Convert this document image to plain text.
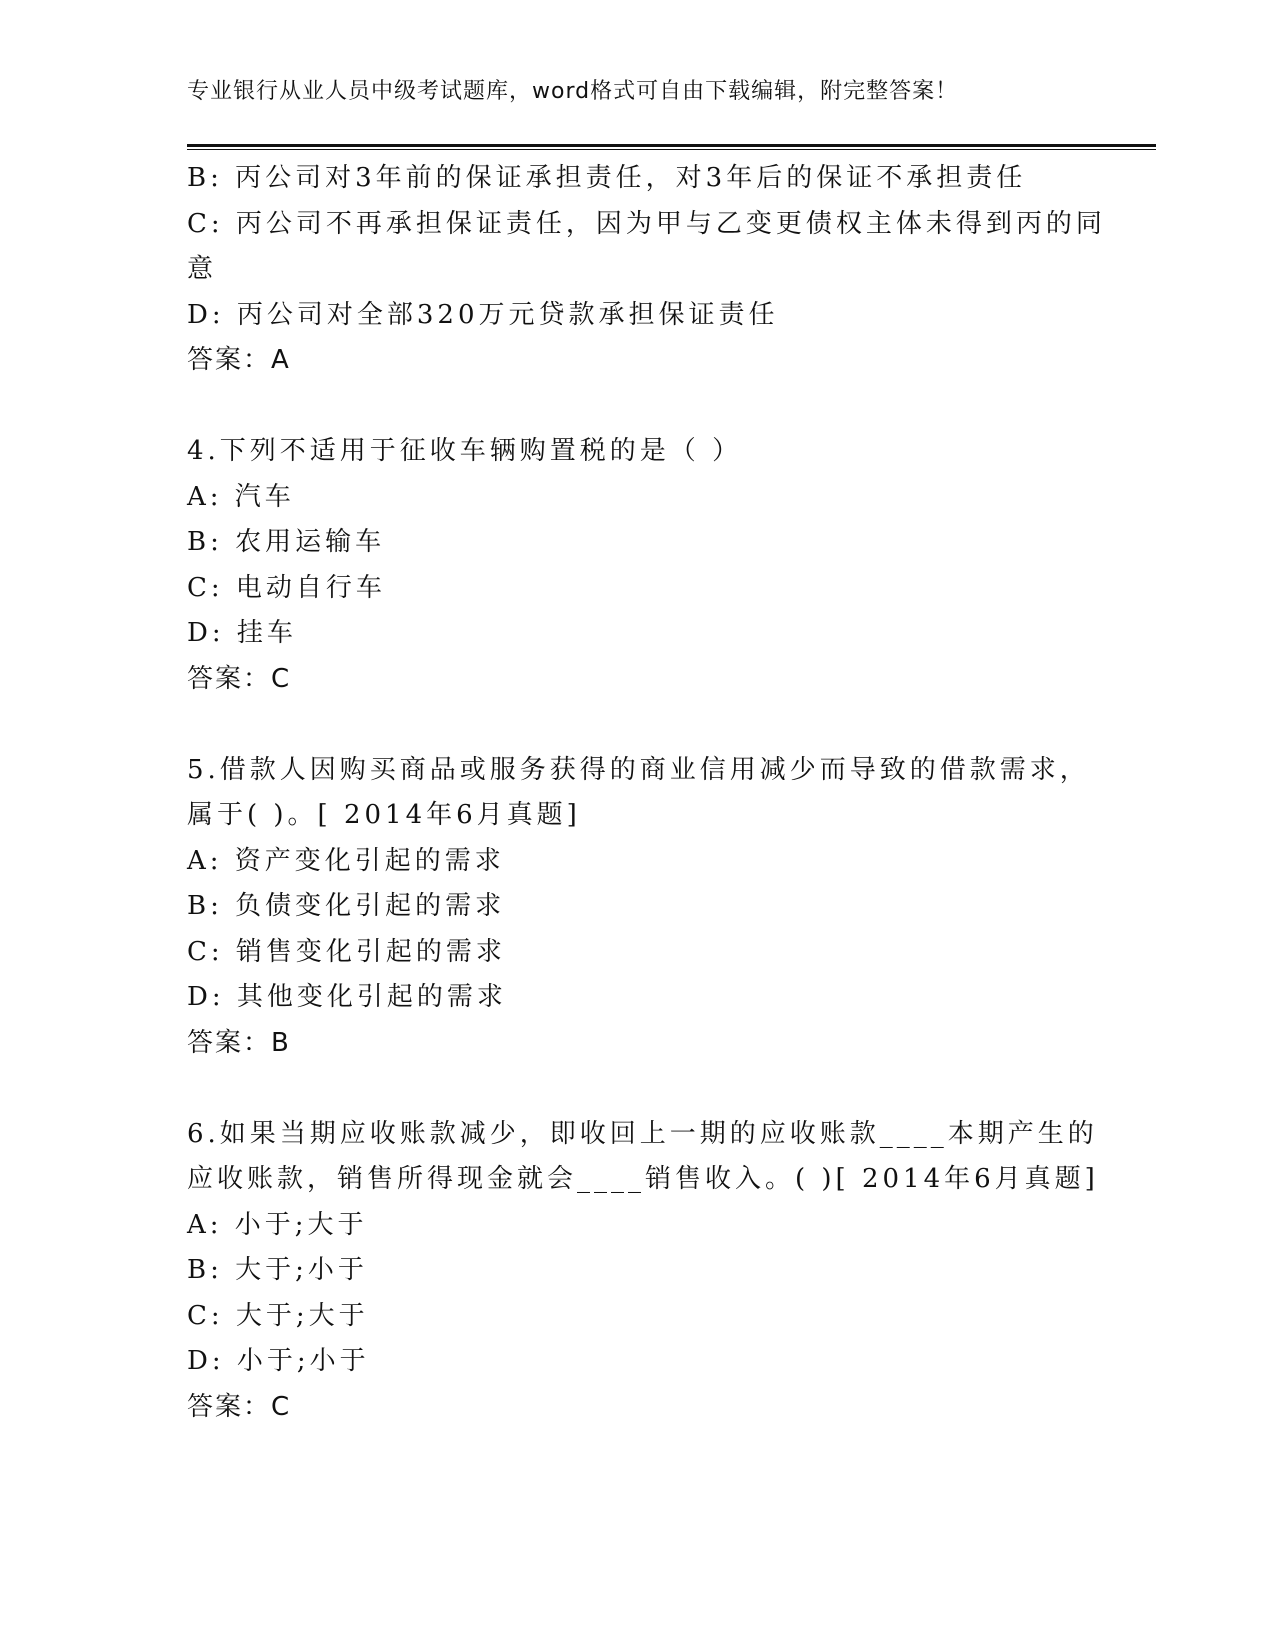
专业银行从业人员中级考试题库，word格式可自由下载编辑，附完整答案！
B: 丙公司对3年前的保证承担责任，对3年后的保证不承担责任
C: 丙公司不再承担保证责任，因为甲与乙变更债权主体未得到丙的同
意
D: 丙公司对全部320万元贷款承担保证责任
答案：A
4.下列不适用于征收车辆购置税的是（ ）
A: 汽车
B: 农用运输车
C: 电动自行车
D: 挂车
答案：C
5.借款人因购买商品或服务获得的商业信用减少而导致的借款需求，
属于( )。[ 2014年6月真题]
A: 资产变化引起的需求
B: 负债变化引起的需求
C: 销售变化引起的需求
D: 其他变化引起的需求
答案：B
6.如果当期应收账款减少，即收回上一期的应收账款____本期产生的
应收账款，销售所得现金就会____销售收入。( )[ 2014年6月真题]
A: 小于;大于
B: 大于;小于
C: 大于;大于
D: 小于;小于
答案：C
